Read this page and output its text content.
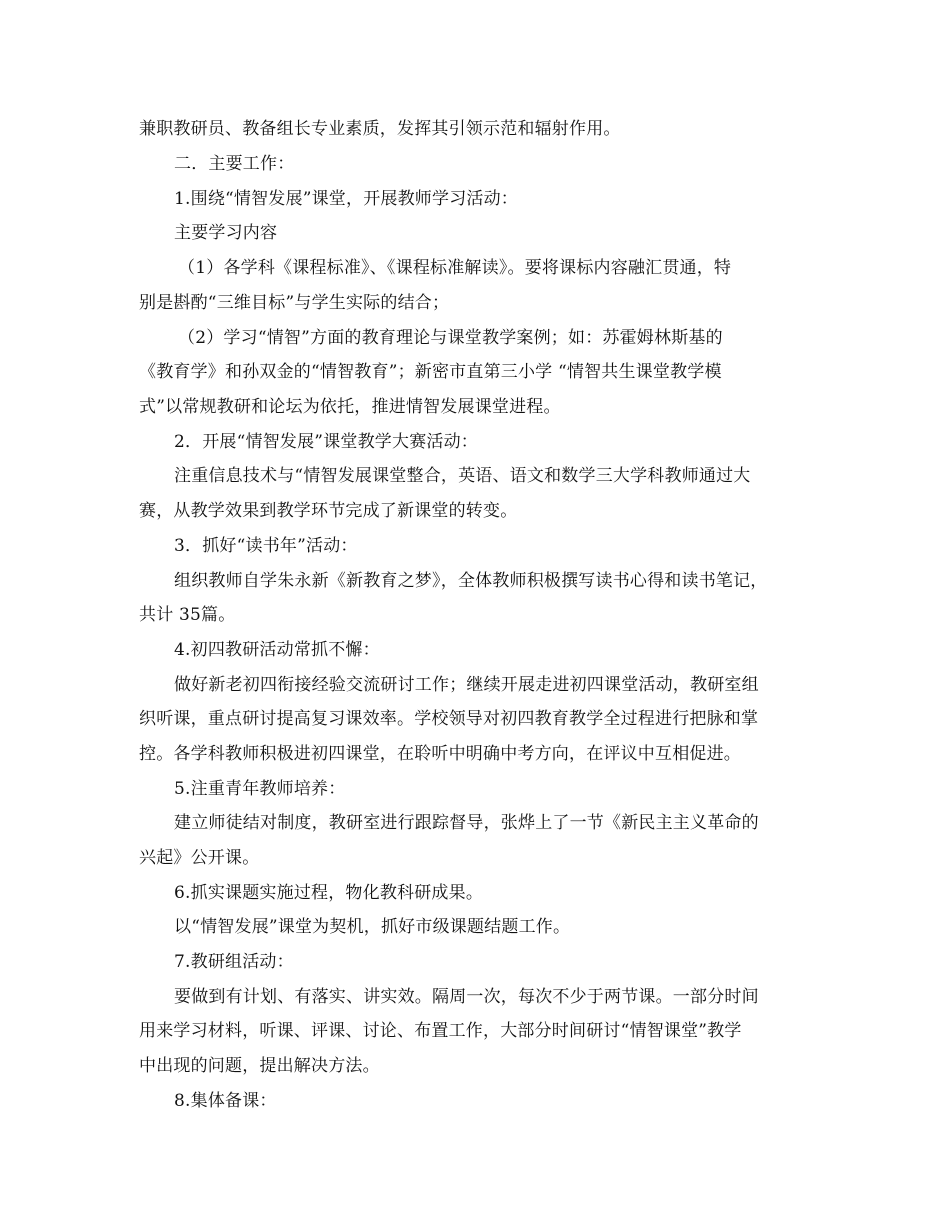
兼职教研员、教备组长专业素质，发挥其引领示范和辐射作用。
二．主要工作：
1.围绕“情智发展”课堂，开展教师学习活动：
主要学习内容
（1）各学科《课程标准》、《课程标准解读》。要将课标内容融汇贯通，特
别是斟酌“三维目标”与学生实际的结合；
（2）学习“情智”方面的教育理论与课堂教学案例；如：苏霍姆林斯基的
《教育学》和孙双金的“情智教育”；新密市直第三小学 “情智共生课堂教学模
式”以常规教研和论坛为依托，推进情智发展课堂进程。
2．开展“情智发展”课堂教学大赛活动：
注重信息技术与“情智发展课堂整合，英语、语文和数学三大学科教师通过大
赛，从教学效果到教学环节完成了新课堂的转变。
3．抓好“读书年”活动：
组织教师自学朱永新《新教育之梦》，全体教师积极撰写读书心得和读书笔记，
共计 35篇。
4.初四教研活动常抓不懈：
做好新老初四衔接经验交流研讨工作；继续开展走进初四课堂活动，教研室组
织听课，重点研讨提高复习课效率。学校领导对初四教育教学全过程进行把脉和掌
控。各学科教师积极进初四课堂，在聆听中明确中考方向，在评议中互相促进。
5.注重青年教师培养：
建立师徒结对制度，教研室进行跟踪督导，张烨上了一节《新民主主义革命的
兴起》公开课。
6.抓实课题实施过程，物化教科研成果。
以“情智发展”课堂为契机，抓好市级课题结题工作。
7.教研组活动：
要做到有计划、有落实、讲实效。隔周一次，每次不少于两节课。一部分时间
用来学习材料，听课、评课、讨论、布置工作，大部分时间研讨“情智课堂”教学
中出现的问题，提出解决方法。
8.集体备课：
